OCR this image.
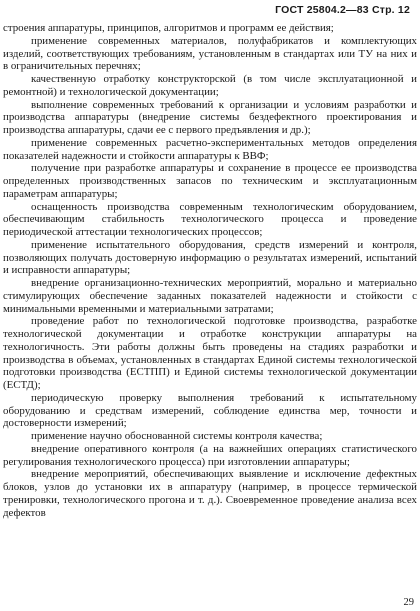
ГОСТ 25804.2—83 Стр. 12

строения аппаратуры, принципов, алгоритмов и программ ее действия;

применение современных материалов, полуфабрикатов и комплектующих изделий, соответствующих требованиям, установленным в стандартах или ТУ на них и в ограничительных перечнях;

качественную отработку конструкторской (в том числе эксплуатационной и ремонтной) и технологической документации;

выполнение современных требований к организации и условиям разработки и производства аппаратуры (внедрение системы бездефектного проектирования и производства аппаратуры, сдачи ее с первого предъявления и др.);

применение современных расчетно-экспериментальных методов определения показателей надежности и стойкости аппаратуры к ВВФ;

получение при разработке аппаратуры и сохранение в процессе ее производства определенных производственных запасов по техническим и эксплуатационным параметрам аппаратуры;

оснащенность производства современным технологическим оборудованием, обеспечивающим стабильность технологического процесса и проведение периодической аттестации технологических процессов;

применение испытательного оборудования, средств измерений и контроля, позволяющих получать достоверную информацию о результатах измерений, испытаний и исправности аппаратуры;

внедрение организационно-технических мероприятий, морально и материально стимулирующих обеспечение заданных показателей надежности и стойкости с минимальными временными и материальными затратами;

проведение работ по технологической подготовке производства, разработке технологической документации и отработке конструкции аппаратуры на технологичность. Эти работы должны быть проведены на стадиях разработки и производства в объемах, установленных в стандартах Единой системы технологической подготовки производства (ЕСТПП) и Единой системы технологической документации (ЕСТД);

периодическую проверку выполнения требований к испытательному оборудованию и средствам измерений, соблюдение единства мер, точности и достоверности измерений;

применение научно обоснованной системы контроля качества;

внедрение оперативного контроля (а на важнейших операциях статистического регулирования технологического процесса) при изготовлении аппаратуры;

внедрение мероприятий, обеспечивающих выявление и исключение дефектных блоков, узлов до установки их в аппаратуру (например, в процессе термической тренировки, технологического прогона и т. д.). Своевременное проведение анализа всех дефектов

29
